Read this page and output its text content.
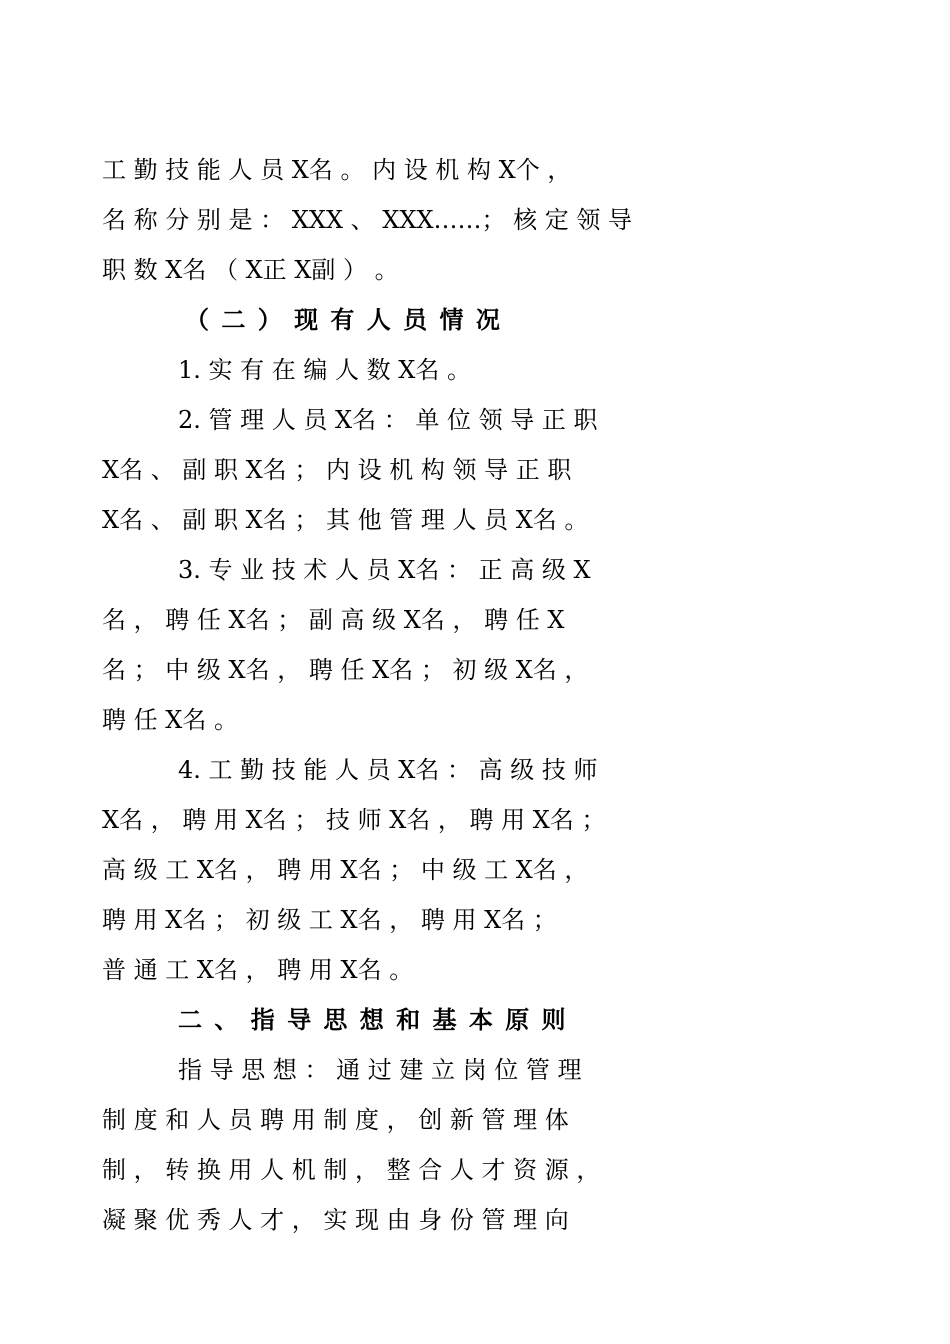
工 勤 技 能 人 员 X名 。 内 设 机 构 X个 ，
名 称 分 别 是 ： XXX 、 XXX……； 核 定 领 导
职 数 X名 （ X正 X副 ） 。
（ 二 ） 现 有 人 员 情 况
1. 实 有 在 编 人 数 X名 。
2. 管 理 人 员 X名 ： 单 位 领 导 正 职
X名 、 副 职 X名 ； 内 设 机 构 领 导 正 职
X名 、 副 职 X名 ； 其 他 管 理 人 员 X名 。
3. 专 业 技 术 人 员 X名 ： 正 高 级 X
名 ， 聘 任 X名 ； 副 高 级 X名 ， 聘 任 X
名 ； 中 级 X名 ， 聘 任 X名 ； 初 级 X名 ，
聘 任 X名 。
4. 工 勤 技 能 人 员 X名 ： 高 级 技 师
X名 ， 聘 用 X名 ； 技 师 X名 ， 聘 用 X名 ；
高 级 工 X名 ， 聘 用 X名 ； 中 级 工 X名 ，
聘 用 X名 ； 初 级 工 X名 ， 聘 用 X名 ；
普 通 工 X名 ， 聘 用 X名 。
二 、 指 导 思 想 和 基 本 原 则
指 导 思 想 ： 通 过 建 立 岗 位 管 理
制 度 和 人 员 聘 用 制 度 ， 创 新 管 理 体
制 ， 转 换 用 人 机 制 ， 整 合 人 才 资 源 ，
凝 聚 优 秀 人 才 ， 实 现 由 身 份 管 理 向
